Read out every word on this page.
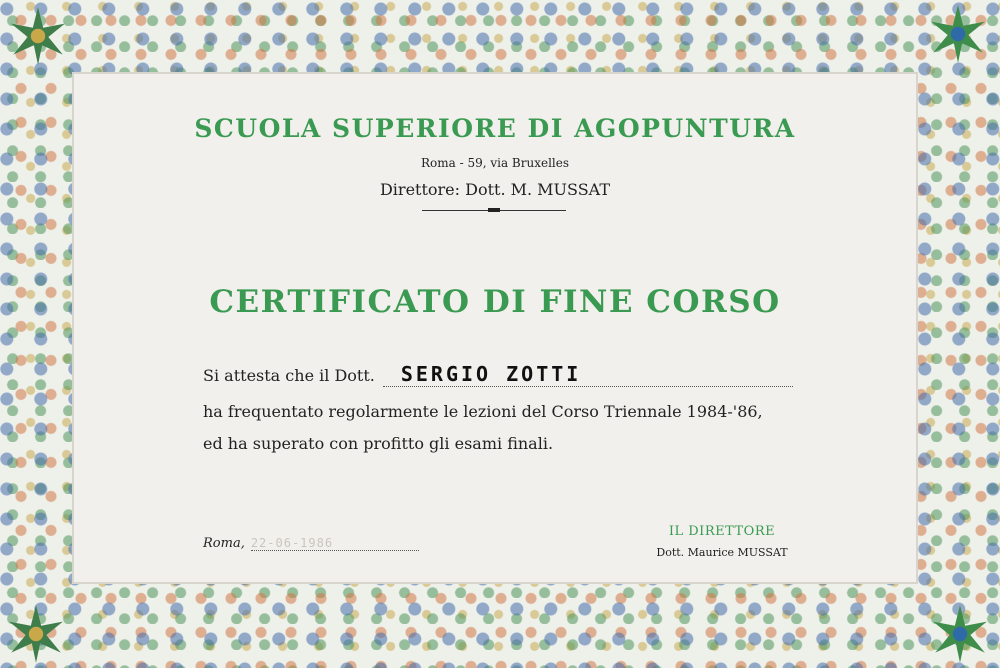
SCUOLA SUPERIORE DI AGOPUNTURA
Roma - 59, via Bruxelles
Direttore: Dott. M. MUSSAT
CERTIFICATO DI FINE CORSO
Si attesta che il Dott.	SERGIO ZOTTI
ha frequentato regolarmente le lezioni del Corso Triennale 1984-'86,
ed ha superato con profitto gli esami finali.
Roma, 22-06-1986
IL DIRETTORE
Dott. Maurice MUSSAT
